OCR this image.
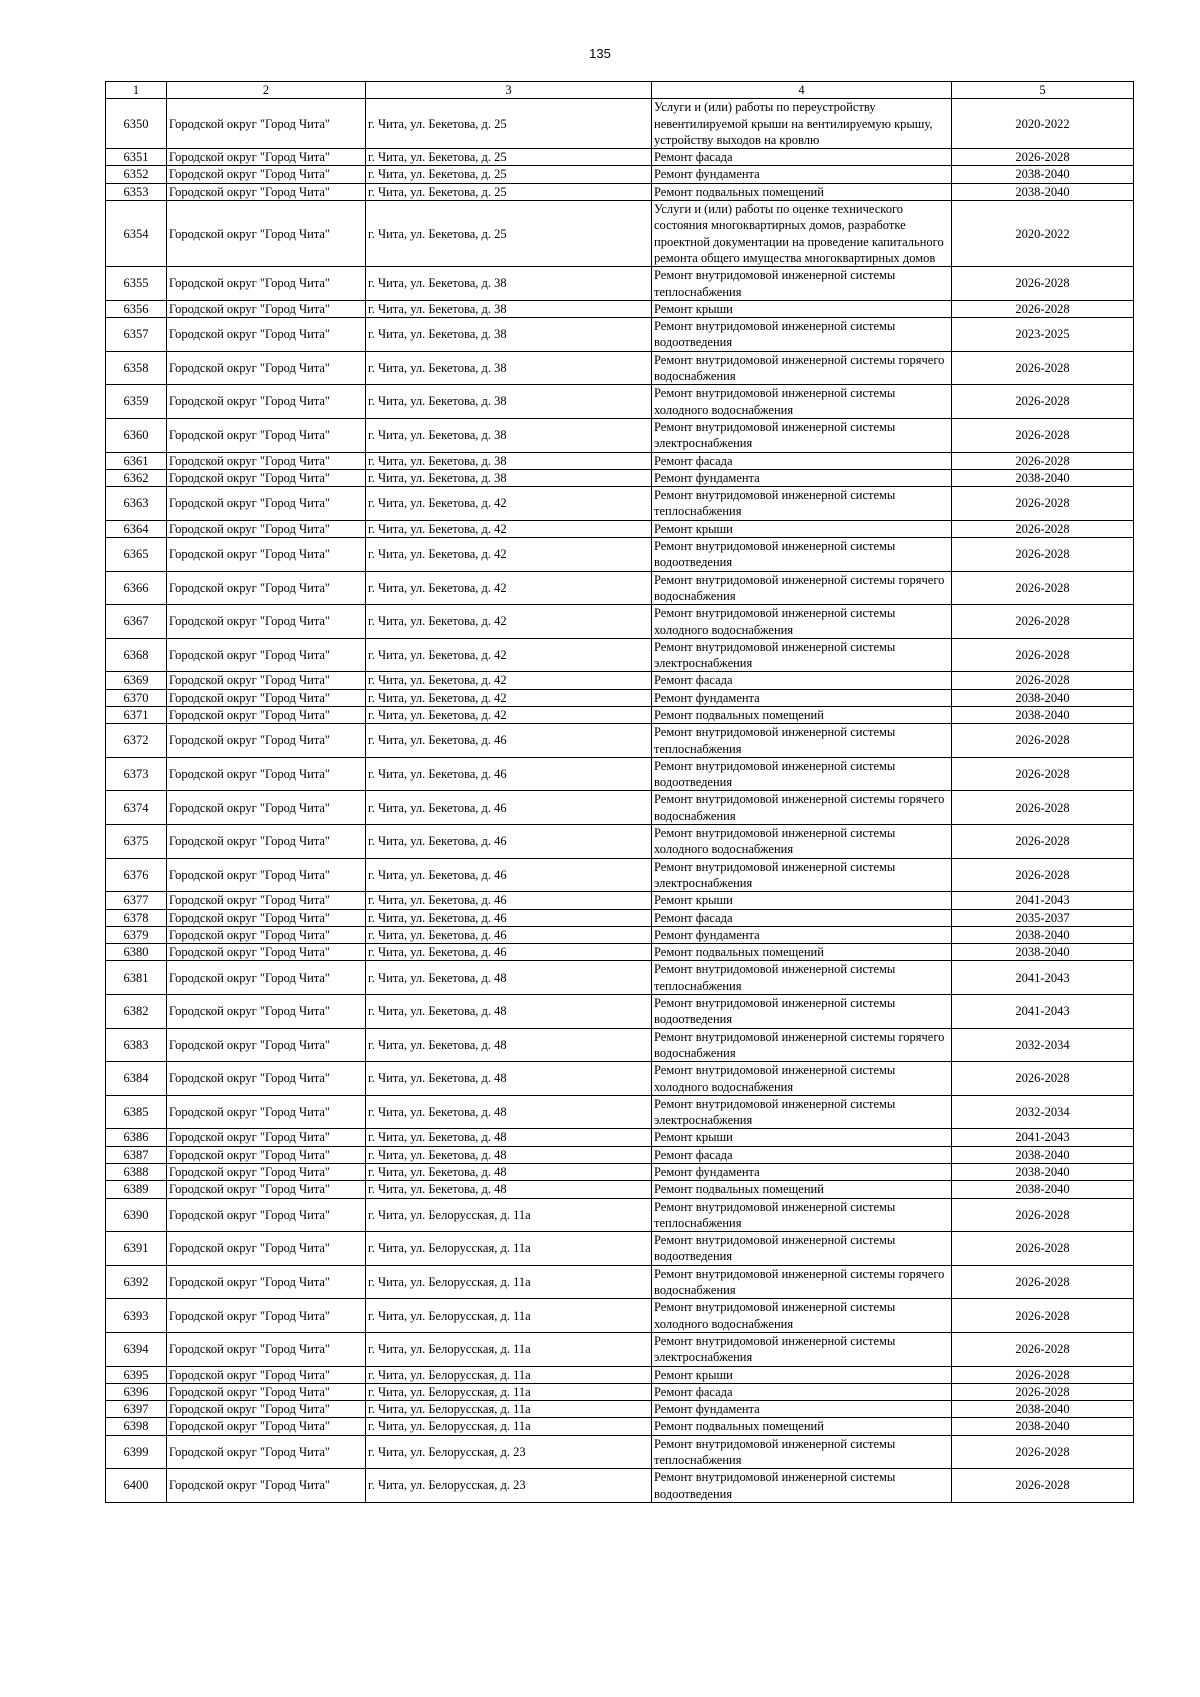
135
1	2	3	4	5
6350	Городской округ "Город Чита"	г. Чита, ул. Бекетова, д. 25	Услуги и (или) работы по переустройству невентилируемой крыши на вентилируемую крышу, устройству выходов на кровлю	2020-2022
6351	Городской округ "Город Чита"	г. Чита, ул. Бекетова, д. 25	Ремонт фасада	2026-2028
6352	Городской округ "Город Чита"	г. Чита, ул. Бекетова, д. 25	Ремонт фундамента	2038-2040
6353	Городской округ "Город Чита"	г. Чита, ул. Бекетова, д. 25	Ремонт подвальных помещений	2038-2040
6354	Городской округ "Город Чита"	г. Чита, ул. Бекетова, д. 25	Услуги и (или) работы по оценке технического состояния многоквартирных домов, разработке проектной документации на проведение капитального ремонта общего имущества многоквартирных домов	2020-2022
6355	Городской округ "Город Чита"	г. Чита, ул. Бекетова, д. 38	Ремонт внутридомовой инженерной системы теплоснабжения	2026-2028
6356	Городской округ "Город Чита"	г. Чита, ул. Бекетова, д. 38	Ремонт крыши	2026-2028
6357	Городской округ "Город Чита"	г. Чита, ул. Бекетова, д. 38	Ремонт внутридомовой инженерной системы водоотведения	2023-2025
6358	Городской округ "Город Чита"	г. Чита, ул. Бекетова, д. 38	Ремонт внутридомовой инженерной системы горячего водоснабжения	2026-2028
6359	Городской округ "Город Чита"	г. Чита, ул. Бекетова, д. 38	Ремонт внутридомовой инженерной системы холодного водоснабжения	2026-2028
6360	Городской округ "Город Чита"	г. Чита, ул. Бекетова, д. 38	Ремонт внутридомовой инженерной системы электроснабжения	2026-2028
6361	Городской округ "Город Чита"	г. Чита, ул. Бекетова, д. 38	Ремонт фасада	2026-2028
6362	Городской округ "Город Чита"	г. Чита, ул. Бекетова, д. 38	Ремонт фундамента	2038-2040
6363	Городской округ "Город Чита"	г. Чита, ул. Бекетова, д. 42	Ремонт внутридомовой инженерной системы теплоснабжения	2026-2028
6364	Городской округ "Город Чита"	г. Чита, ул. Бекетова, д. 42	Ремонт крыши	2026-2028
6365	Городской округ "Город Чита"	г. Чита, ул. Бекетова, д. 42	Ремонт внутридомовой инженерной системы водоотведения	2026-2028
6366	Городской округ "Город Чита"	г. Чита, ул. Бекетова, д. 42	Ремонт внутридомовой инженерной системы горячего водоснабжения	2026-2028
6367	Городской округ "Город Чита"	г. Чита, ул. Бекетова, д. 42	Ремонт внутридомовой инженерной системы холодного водоснабжения	2026-2028
6368	Городской округ "Город Чита"	г. Чита, ул. Бекетова, д. 42	Ремонт внутридомовой инженерной системы электроснабжения	2026-2028
6369	Городской округ "Город Чита"	г. Чита, ул. Бекетова, д. 42	Ремонт фасада	2026-2028
6370	Городской округ "Город Чита"	г. Чита, ул. Бекетова, д. 42	Ремонт фундамента	2038-2040
6371	Городской округ "Город Чита"	г. Чита, ул. Бекетова, д. 42	Ремонт подвальных помещений	2038-2040
6372	Городской округ "Город Чита"	г. Чита, ул. Бекетова, д. 46	Ремонт внутридомовой инженерной системы теплоснабжения	2026-2028
6373	Городской округ "Город Чита"	г. Чита, ул. Бекетова, д. 46	Ремонт внутридомовой инженерной системы водоотведения	2026-2028
6374	Городской округ "Город Чита"	г. Чита, ул. Бекетова, д. 46	Ремонт внутридомовой инженерной системы горячего водоснабжения	2026-2028
6375	Городской округ "Город Чита"	г. Чита, ул. Бекетова, д. 46	Ремонт внутридомовой инженерной системы холодного водоснабжения	2026-2028
6376	Городской округ "Город Чита"	г. Чита, ул. Бекетова, д. 46	Ремонт внутридомовой инженерной системы электроснабжения	2026-2028
6377	Городской округ "Город Чита"	г. Чита, ул. Бекетова, д. 46	Ремонт крыши	2041-2043
6378	Городской округ "Город Чита"	г. Чита, ул. Бекетова, д. 46	Ремонт фасада	2035-2037
6379	Городской округ "Город Чита"	г. Чита, ул. Бекетова, д. 46	Ремонт фундамента	2038-2040
6380	Городской округ "Город Чита"	г. Чита, ул. Бекетова, д. 46	Ремонт подвальных помещений	2038-2040
6381	Городской округ "Город Чита"	г. Чита, ул. Бекетова, д. 48	Ремонт внутридомовой инженерной системы теплоснабжения	2041-2043
6382	Городской округ "Город Чита"	г. Чита, ул. Бекетова, д. 48	Ремонт внутридомовой инженерной системы водоотведения	2041-2043
6383	Городской округ "Город Чита"	г. Чита, ул. Бекетова, д. 48	Ремонт внутридомовой инженерной системы горячего водоснабжения	2032-2034
6384	Городской округ "Город Чита"	г. Чита, ул. Бекетова, д. 48	Ремонт внутридомовой инженерной системы холодного водоснабжения	2026-2028
6385	Городской округ "Город Чита"	г. Чита, ул. Бекетова, д. 48	Ремонт внутридомовой инженерной системы электроснабжения	2032-2034
6386	Городской округ "Город Чита"	г. Чита, ул. Бекетова, д. 48	Ремонт крыши	2041-2043
6387	Городской округ "Город Чита"	г. Чита, ул. Бекетова, д. 48	Ремонт фасада	2038-2040
6388	Городской округ "Город Чита"	г. Чита, ул. Бекетова, д. 48	Ремонт фундамента	2038-2040
6389	Городской округ "Город Чита"	г. Чита, ул. Бекетова, д. 48	Ремонт подвальных помещений	2038-2040
6390	Городской округ "Город Чита"	г. Чита, ул. Белорусская, д. 11а	Ремонт внутридомовой инженерной системы теплоснабжения	2026-2028
6391	Городской округ "Город Чита"	г. Чита, ул. Белорусская, д. 11а	Ремонт внутридомовой инженерной системы водоотведения	2026-2028
6392	Городской округ "Город Чита"	г. Чита, ул. Белорусская, д. 11а	Ремонт внутридомовой инженерной системы горячего водоснабжения	2026-2028
6393	Городской округ "Город Чита"	г. Чита, ул. Белорусская, д. 11а	Ремонт внутридомовой инженерной системы холодного водоснабжения	2026-2028
6394	Городской округ "Город Чита"	г. Чита, ул. Белорусская, д. 11а	Ремонт внутридомовой инженерной системы электроснабжения	2026-2028
6395	Городской округ "Город Чита"	г. Чита, ул. Белорусская, д. 11а	Ремонт крыши	2026-2028
6396	Городской округ "Город Чита"	г. Чита, ул. Белорусская, д. 11а	Ремонт фасада	2026-2028
6397	Городской округ "Город Чита"	г. Чита, ул. Белорусская, д. 11а	Ремонт фундамента	2038-2040
6398	Городской округ "Город Чита"	г. Чита, ул. Белорусская, д. 11а	Ремонт подвальных помещений	2038-2040
6399	Городской округ "Город Чита"	г. Чита, ул. Белорусская, д. 23	Ремонт внутридомовой инженерной системы теплоснабжения	2026-2028
6400	Городской округ "Город Чита"	г. Чита, ул. Белорусская, д. 23	Ремонт внутридомовой инженерной системы водоотведения	2026-2028
